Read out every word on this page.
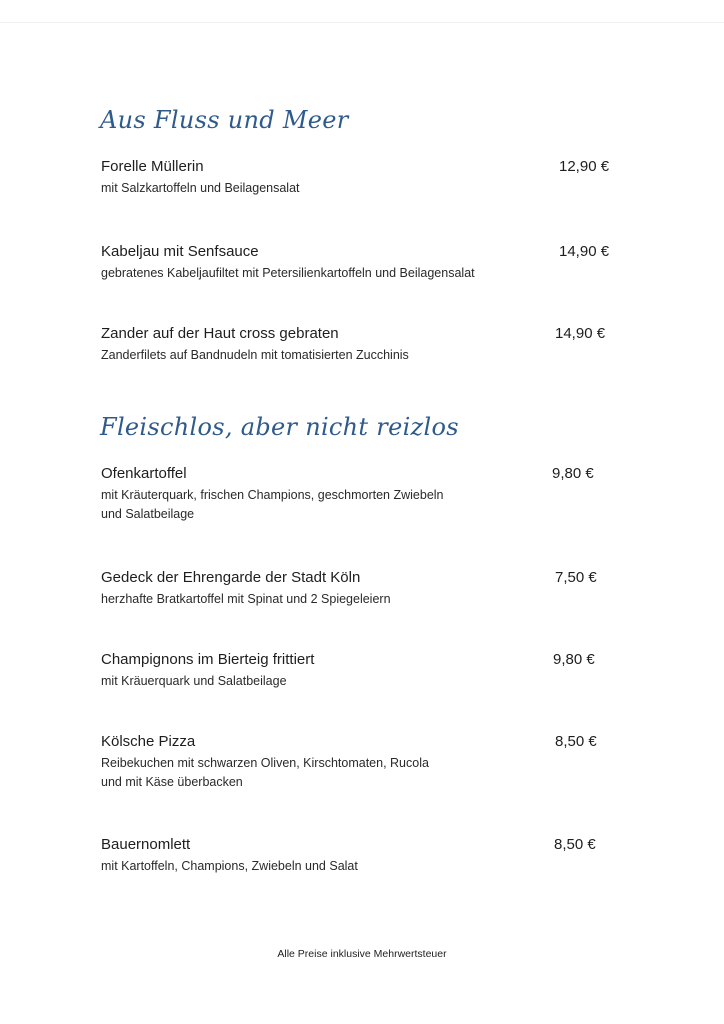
Aus Fluss und Meer
Forelle Müllerin	12,90 €
mit Salzkartoffeln und Beilagensalat
Kabeljau mit Senfsauce	14,90 €
gebratenes Kabeljaufiltet mit Petersilienkartoffeln und Beilagensalat
Zander auf der Haut cross gebraten	14,90 €
Zanderfilets auf Bandnudeln mit tomatisierten Zucchinis
Fleischlos, aber nicht reizlos
Ofenkartoffel	9,80 €
mit Kräuterquark, frischen Champions, geschmorten Zwiebeln
und Salatbeilage
Gedeck der Ehrengarde der Stadt Köln	7,50 €
herzhafte Bratkartoffel mit Spinat und 2 Spiegeleiern
Champignons im Bierteig frittiert	9,80 €
mit Kräuerquark und Salatbeilage
Kölsche Pizza	8,50 €
Reibekuchen mit schwarzen Oliven, Kirschtomaten, Rucola
und mit Käse überbacken
Bauernomlett	8,50 €
mit Kartoffeln, Champions, Zwiebeln und Salat
Alle Preise inklusive Mehrwertsteuer
